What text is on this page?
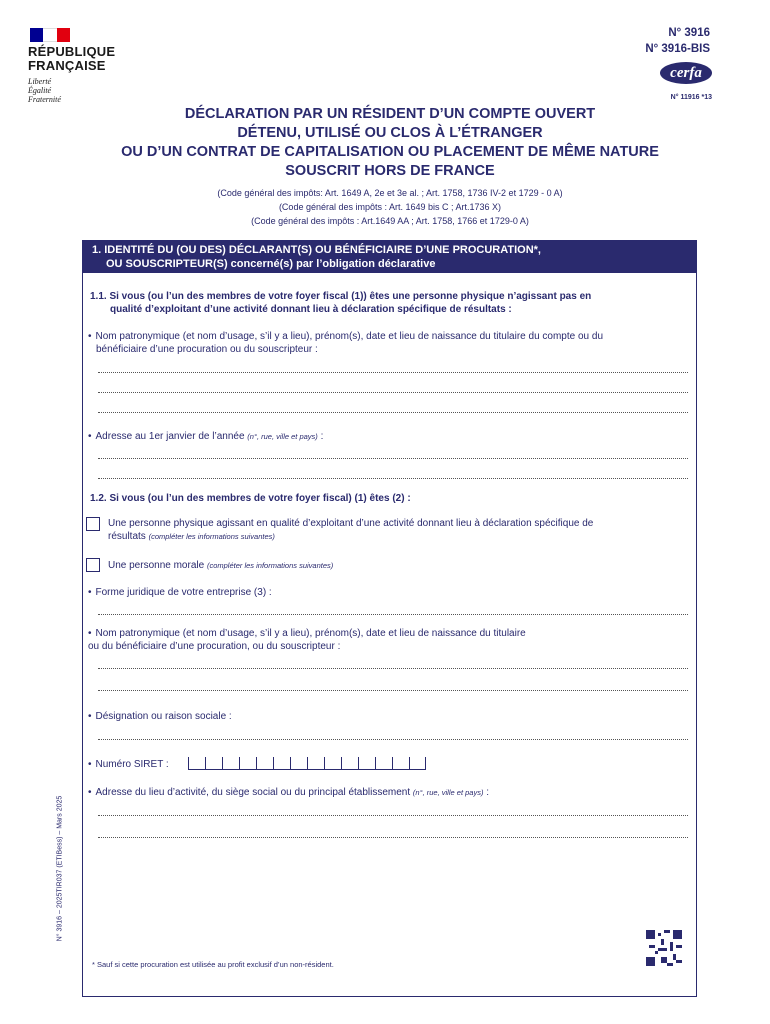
RÉPUBLIQUE
FRANÇAISE
Liberté
Égalité
Fraternité
N° 3916
N° 3916-BIS
cerfa
N° 11916 *13
DÉCLARATION PAR UN RÉSIDENT D’UN COMPTE OUVERT
DÉTENU, UTILISÉ OU CLOS À L’ÉTRANGER
OU D’UN CONTRAT DE CAPITALISATION OU PLACEMENT DE MÊME NATURE
SOUSCRIT HORS DE FRANCE
(Code général des impôts: Art. 1649 A, 2e et 3e al. ; Art. 1758, 1736 IV-2 et 1729 - 0 A)
(Code général des impôts : Art. 1649 bis C ; Art.1736 X)
(Code général des impôts : Art.1649 AA ; Art. 1758, 1766 et 1729-0 A)
1. IDENTITÉ DU (OU DES) DÉCLARANT(S) OU BÉNÉFICIAIRE D’UNE PROCURATION*,
OU SOUSCRIPTEUR(S) concerné(s) par l’obligation déclarative
1.1. Si vous (ou l’un des membres de votre foyer fiscal (1)) êtes une personne physique n’agissant pas en
qualité d’exploitant d’une activité donnant lieu à déclaration spécifique de résultats :
• Nom patronymique (et nom d’usage, s’il y a lieu), prénom(s), date et lieu de naissance du titulaire du compte ou du
bénéficiaire d’une procuration ou du souscripteur :
• Adresse au 1er janvier de l’année (n°, rue, ville et pays) :
1.2. Si vous (ou l’un des membres de votre foyer fiscal) (1) êtes (2) :
Une personne physique agissant en qualité d’exploitant d’une activité donnant lieu à déclaration spécifique de
résultats (compléter les informations suivantes)
Une personne morale (compléter les informations suivantes)
• Forme juridique de votre entreprise (3) :
• Nom patronymique (et nom d’usage, s’il y a lieu), prénom(s), date et lieu de naissance du titulaire
ou du bénéficiaire d’une procuration, ou du souscripteur :
• Désignation ou raison sociale :
• Numéro SIRET :
• Adresse du lieu d’activité, du siège social ou du principal établissement (n°, rue, ville et pays) :
N° 3916 – 2025TIR037 (ETIBess) – Mars 2025
* Sauf si cette procuration est utilisée au profit exclusif d’un non-résident.
